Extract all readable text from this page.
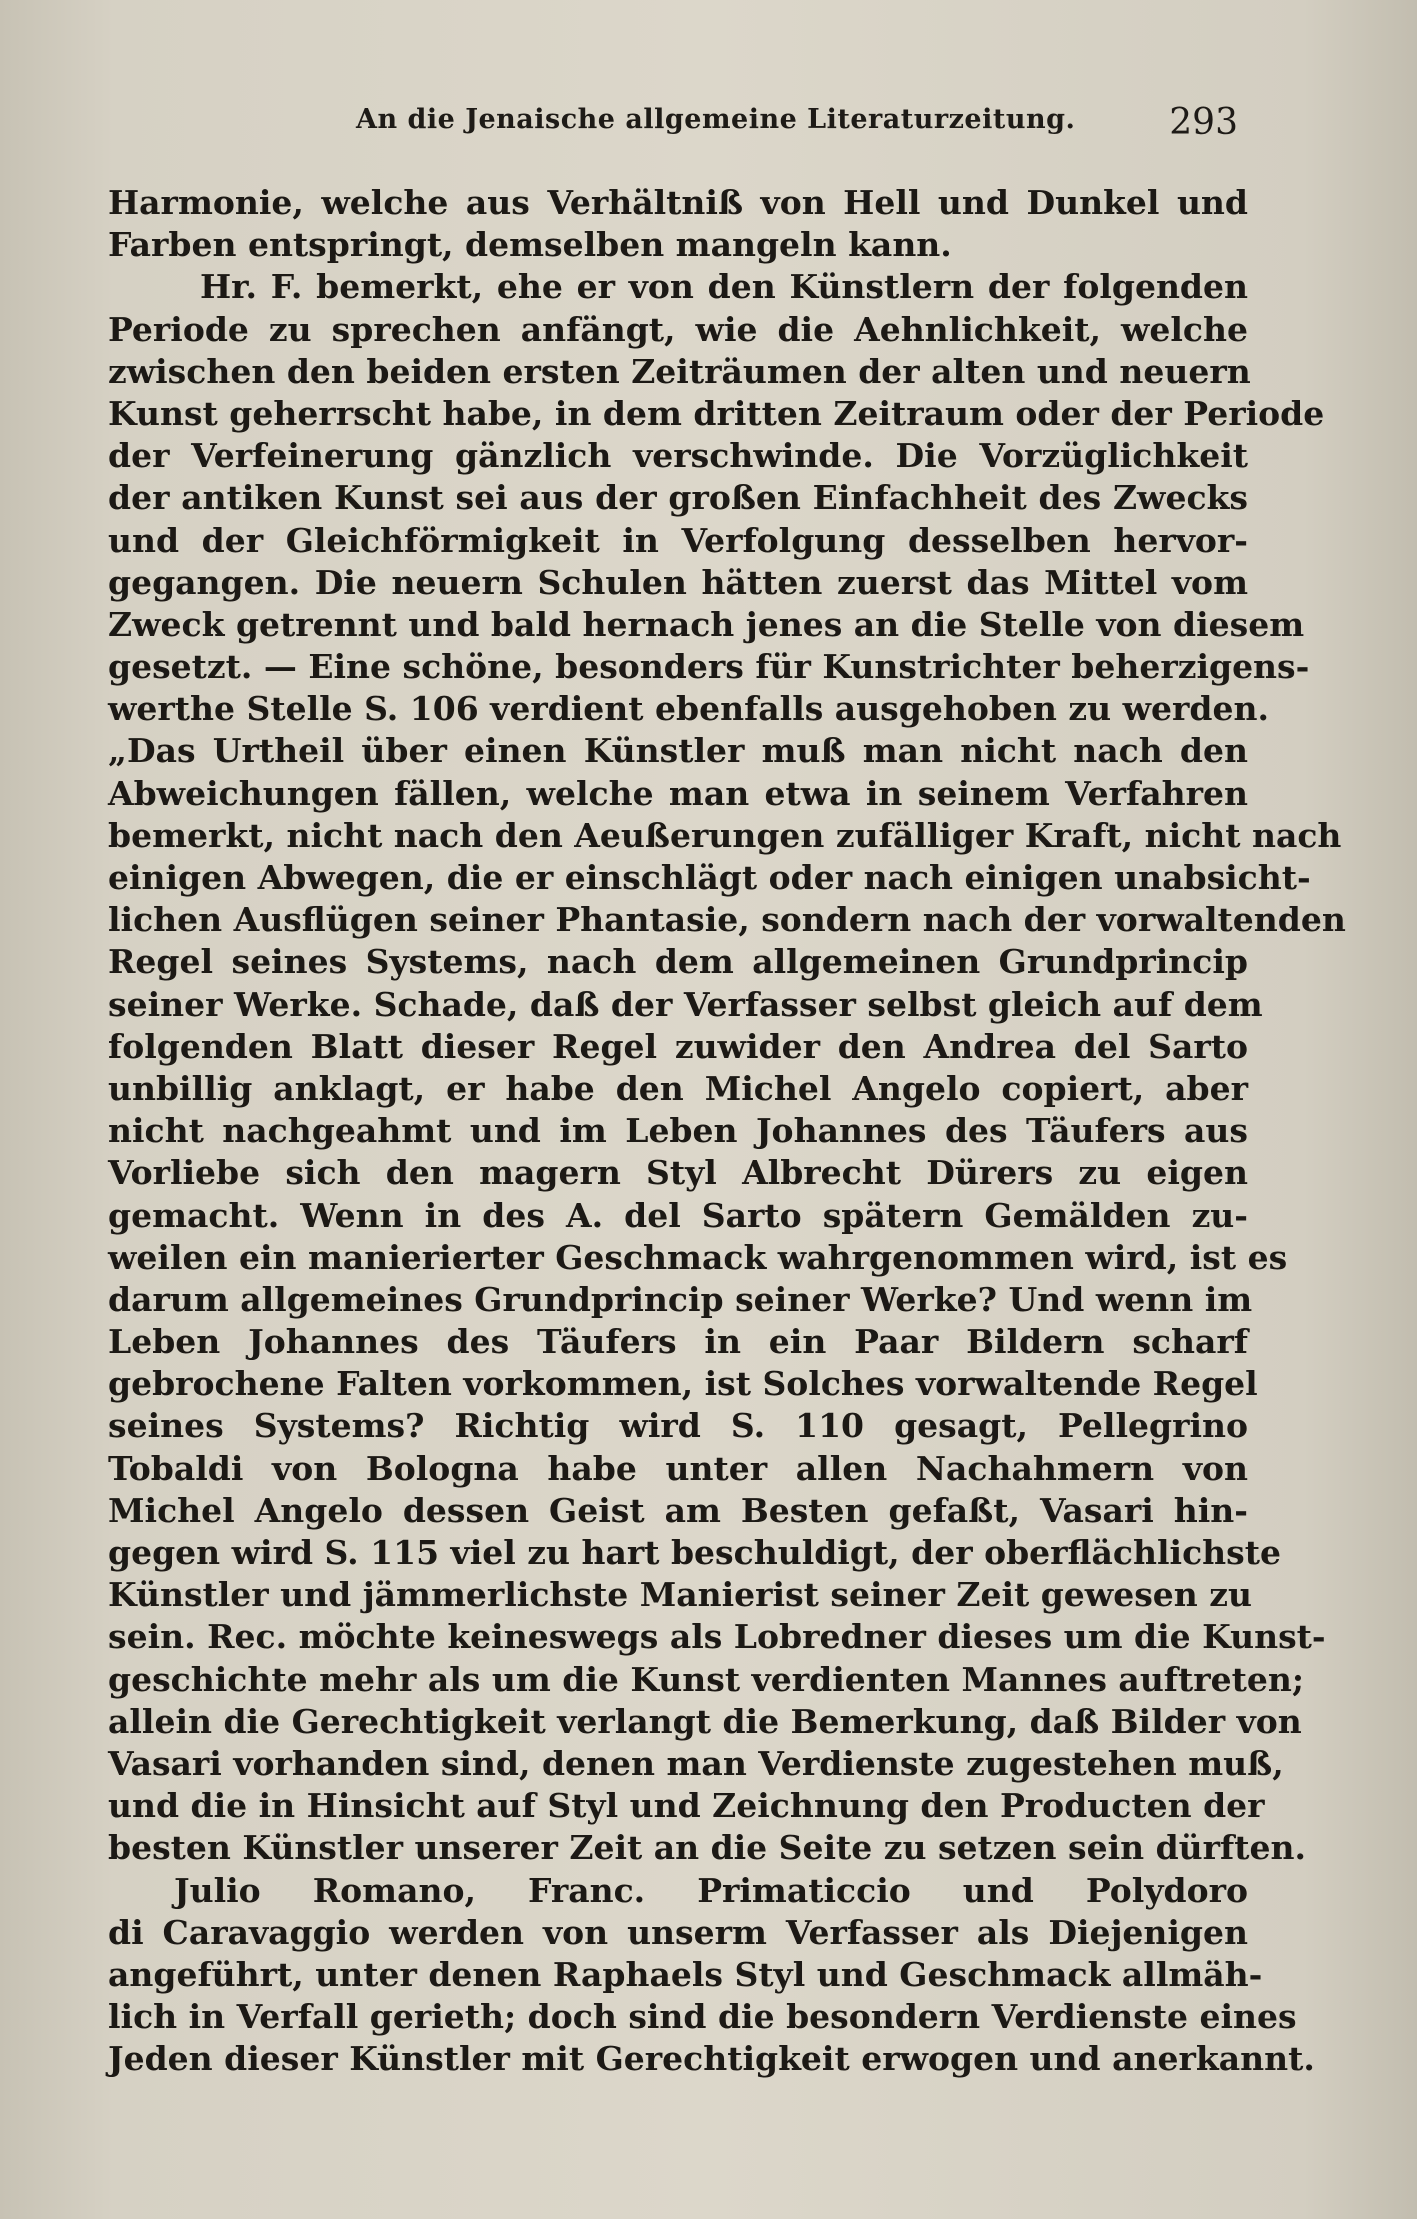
An die Jenaische allgemeine Literaturzeitung.	293
Harmonie, welche aus Verhältniß von Hell und Dunkel und
Farben entspringt, demselben mangeln kann.
Hr. F. bemerkt, ehe er von den Künstlern der folgenden
Periode zu sprechen anfängt, wie die Aehnlichkeit, welche
zwischen den beiden ersten Zeiträumen der alten und neuern
Kunst geherrscht habe, in dem dritten Zeitraum oder der Periode
der Verfeinerung gänzlich verschwinde. Die Vorzüglichkeit
der antiken Kunst sei aus der großen Einfachheit des Zwecks
und der Gleichförmigkeit in Verfolgung desselben hervor-
gegangen. Die neuern Schulen hätten zuerst das Mittel vom
Zweck getrennt und bald hernach jenes an die Stelle von diesem
gesetzt. — Eine schöne, besonders für Kunstrichter beherzigens-
werthe Stelle S. 106 verdient ebenfalls ausgehoben zu werden.
„Das Urtheil über einen Künstler muß man nicht nach den
Abweichungen fällen, welche man etwa in seinem Verfahren
bemerkt, nicht nach den Aeußerungen zufälliger Kraft, nicht nach
einigen Abwegen, die er einschlägt oder nach einigen unabsicht-
lichen Ausflügen seiner Phantasie, sondern nach der vorwaltenden
Regel seines Systems, nach dem allgemeinen Grundprincip
seiner Werke. Schade, daß der Verfasser selbst gleich auf dem
folgenden Blatt dieser Regel zuwider den Andrea del Sarto
unbillig anklagt, er habe den Michel Angelo copiert, aber
nicht nachgeahmt und im Leben Johannes des Täufers aus
Vorliebe sich den magern Styl Albrecht Dürers zu eigen
gemacht. Wenn in des A. del Sarto spätern Gemälden zu-
weilen ein manierierter Geschmack wahrgenommen wird, ist es
darum allgemeines Grundprincip seiner Werke? Und wenn im
Leben Johannes des Täufers in ein Paar Bildern scharf
gebrochene Falten vorkommen, ist Solches vorwaltende Regel
seines Systems? Richtig wird S. 110 gesagt, Pellegrino
Tobaldi von Bologna habe unter allen Nachahmern von
Michel Angelo dessen Geist am Besten gefaßt, Vasari hin-
gegen wird S. 115 viel zu hart beschuldigt, der oberflächlichste
Künstler und jämmerlichste Manierist seiner Zeit gewesen zu
sein. Rec. möchte keineswegs als Lobredner dieses um die Kunst-
geschichte mehr als um die Kunst verdienten Mannes auftreten;
allein die Gerechtigkeit verlangt die Bemerkung, daß Bilder von
Vasari vorhanden sind, denen man Verdienste zugestehen muß,
und die in Hinsicht auf Styl und Zeichnung den Producten der
besten Künstler unserer Zeit an die Seite zu setzen sein dürften.
Julio Romano, Franc. Primaticcio und Polydoro
di Caravaggio werden von unserm Verfasser als Diejenigen
angeführt, unter denen Raphaels Styl und Geschmack allmäh-
lich in Verfall gerieth; doch sind die besondern Verdienste eines
Jeden dieser Künstler mit Gerechtigkeit erwogen und anerkannt.
